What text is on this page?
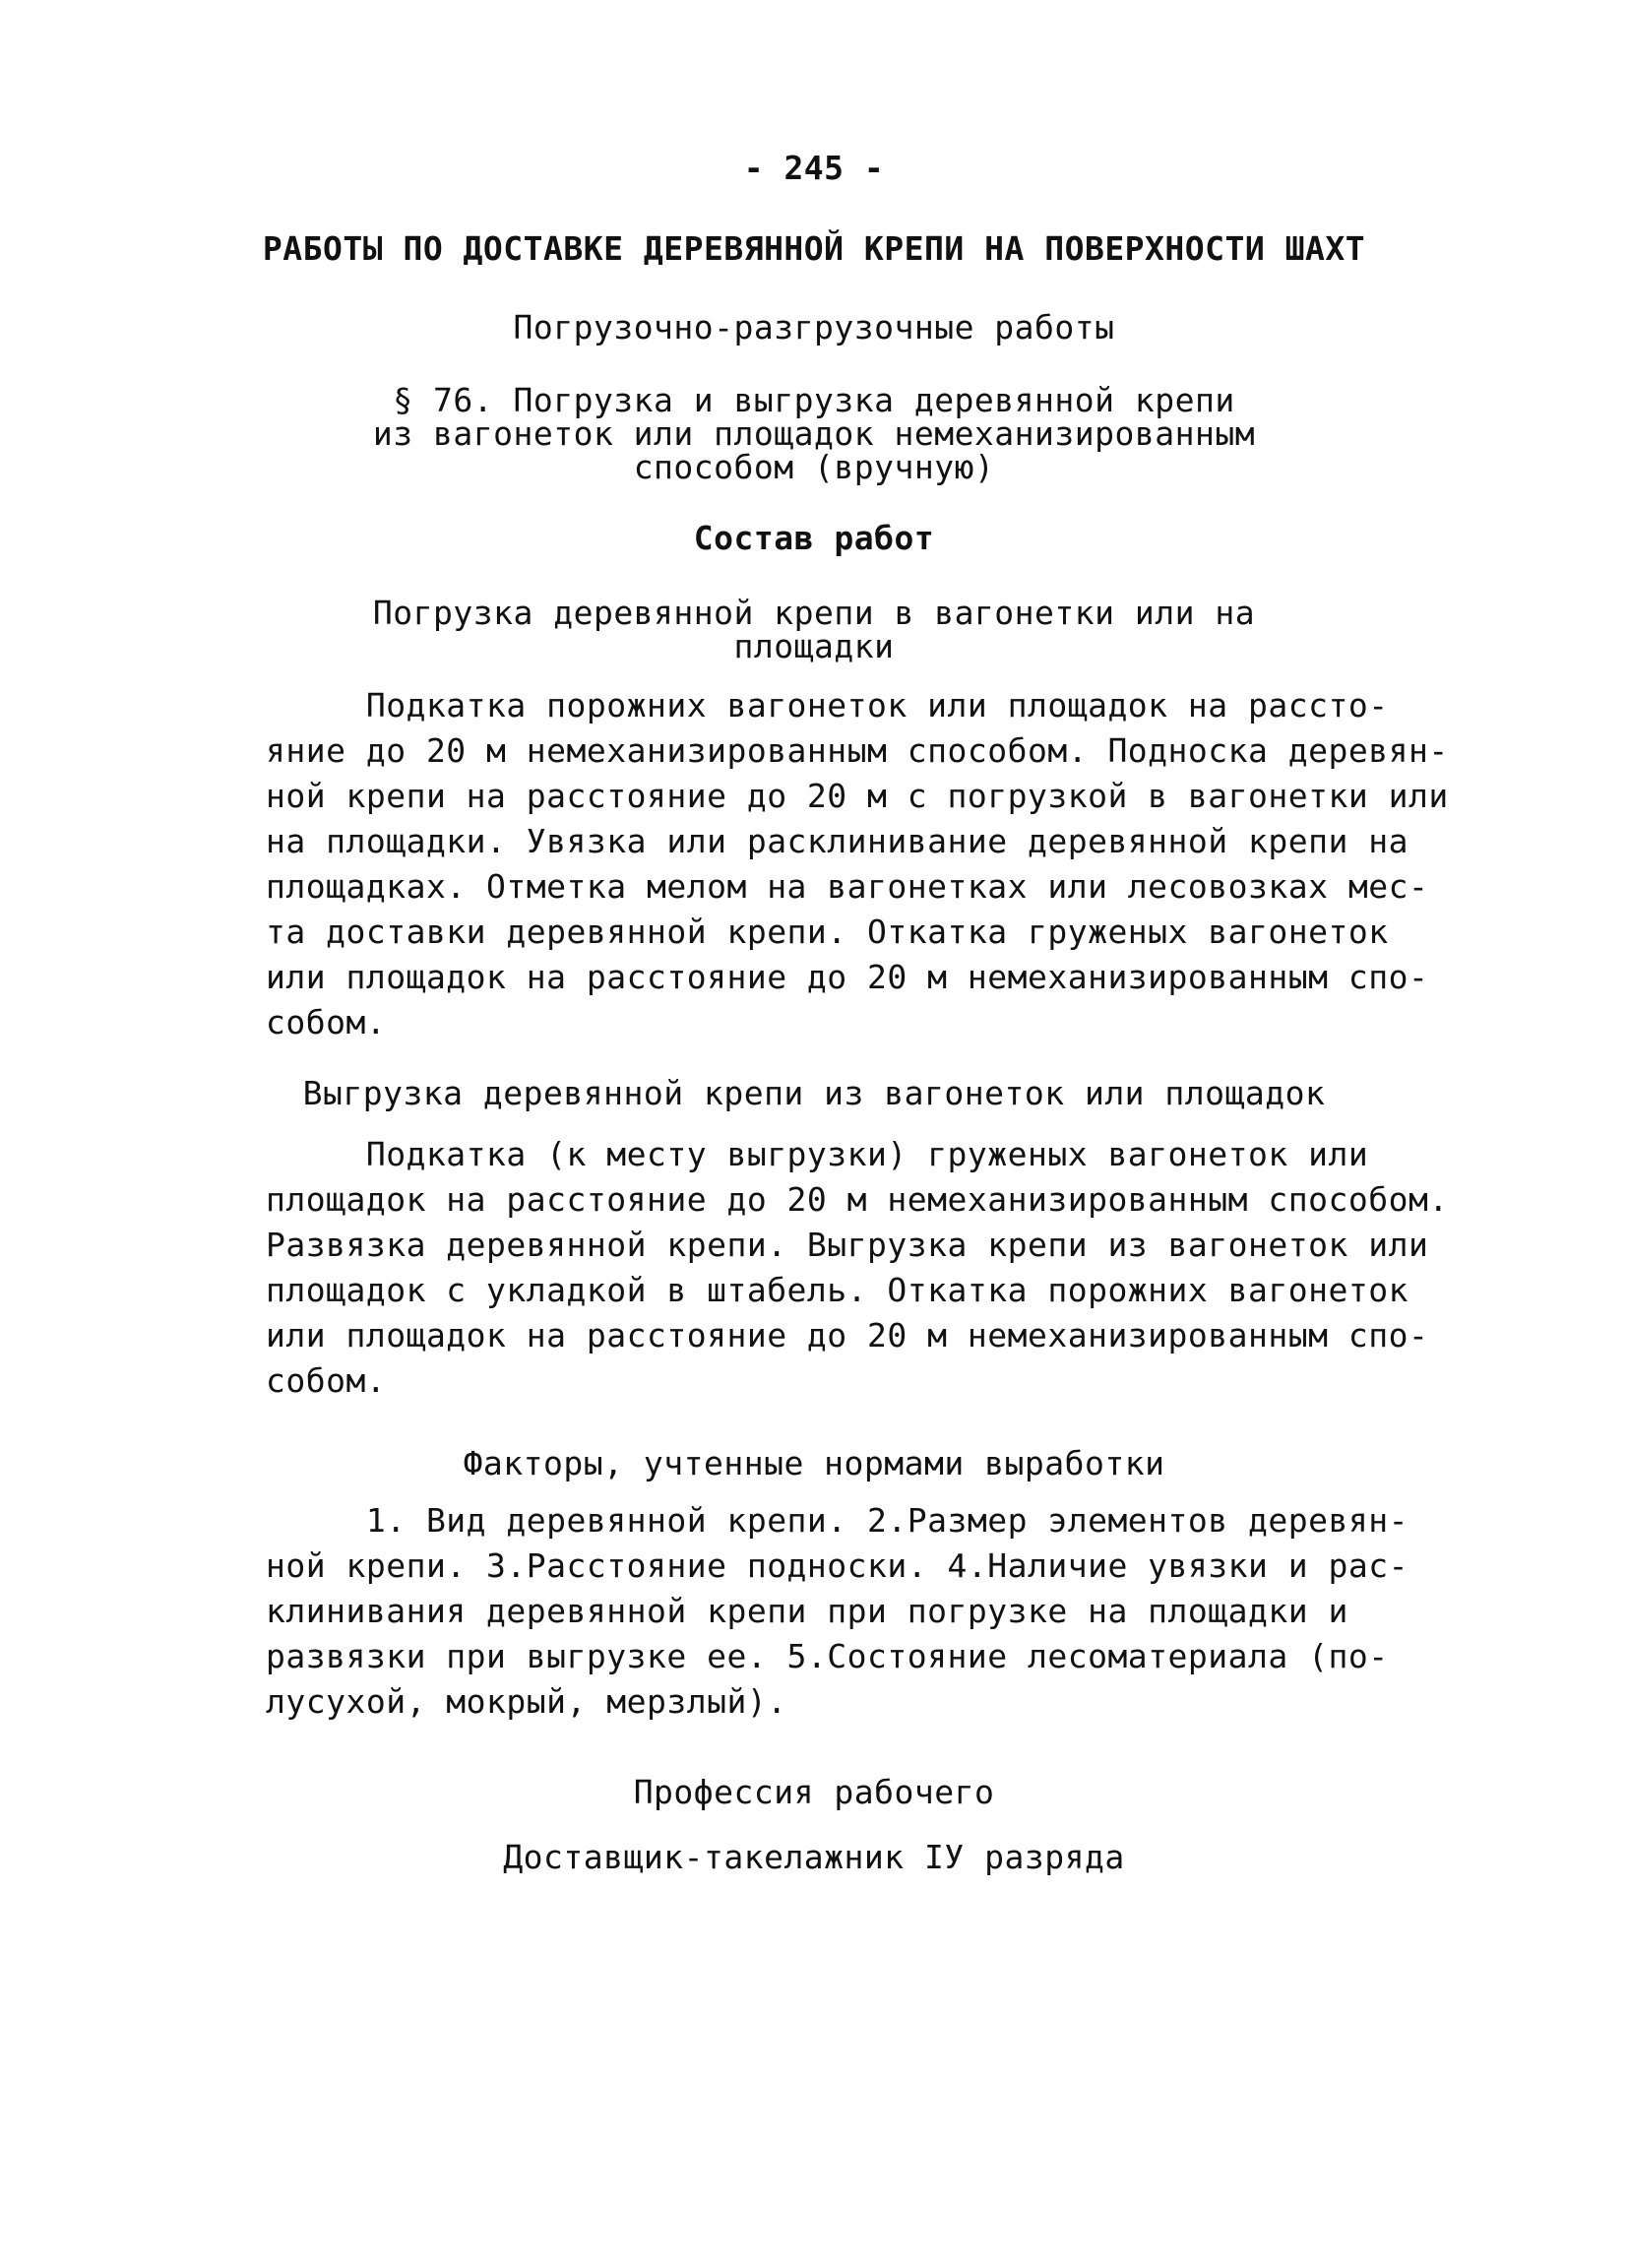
- 245 -
РАБОТЫ ПО ДОСТАВКЕ ДЕРЕВЯННОЙ КРЕПИ НА ПОВЕРХНОСТИ ШАХТ
Погрузочно-разгрузочные работы
§ 76. Погрузка и выгрузка деревянной крепи
из вагонеток или площадок немеханизированным
способом (вручную)
Состав работ
Погрузка деревянной крепи в вагонетки или на
площадки
Подкатка порожних вагонеток или площадок на рассто-
яние до 20 м немеханизированным способом. Подноска деревян-
ной крепи на расстояние до 20 м с погрузкой в вагонетки или
на площадки. Увязка или расклинивание деревянной крепи на
площадках. Отметка мелом на вагонетках или лесовозках мес-
та доставки деревянной крепи. Откатка груженых вагонеток
или площадок на расстояние до 20 м немеханизированным спо-
собом.
Выгрузка деревянной крепи из вагонеток или площадок
Подкатка (к месту выгрузки) груженых вагонеток или
площадок на расстояние до 20 м немеханизированным способом.
Развязка деревянной крепи. Выгрузка крепи из вагонеток или
площадок с укладкой в штабель. Откатка порожних вагонеток
или площадок на расстояние до 20 м немеханизированным спо-
собом.
Факторы, учтенные нормами выработки
1. Вид деревянной крепи. 2.Размер элементов деревян-
ной крепи. 3.Расстояние подноски. 4.Наличие увязки и рас-
клинивания деревянной крепи при погрузке на площадки и
развязки при выгрузке ее. 5.Состояние лесоматериала (по-
лусухой, мокрый, мерзлый).
Профессия рабочего
Доставщик-такелажник IУ разряда
